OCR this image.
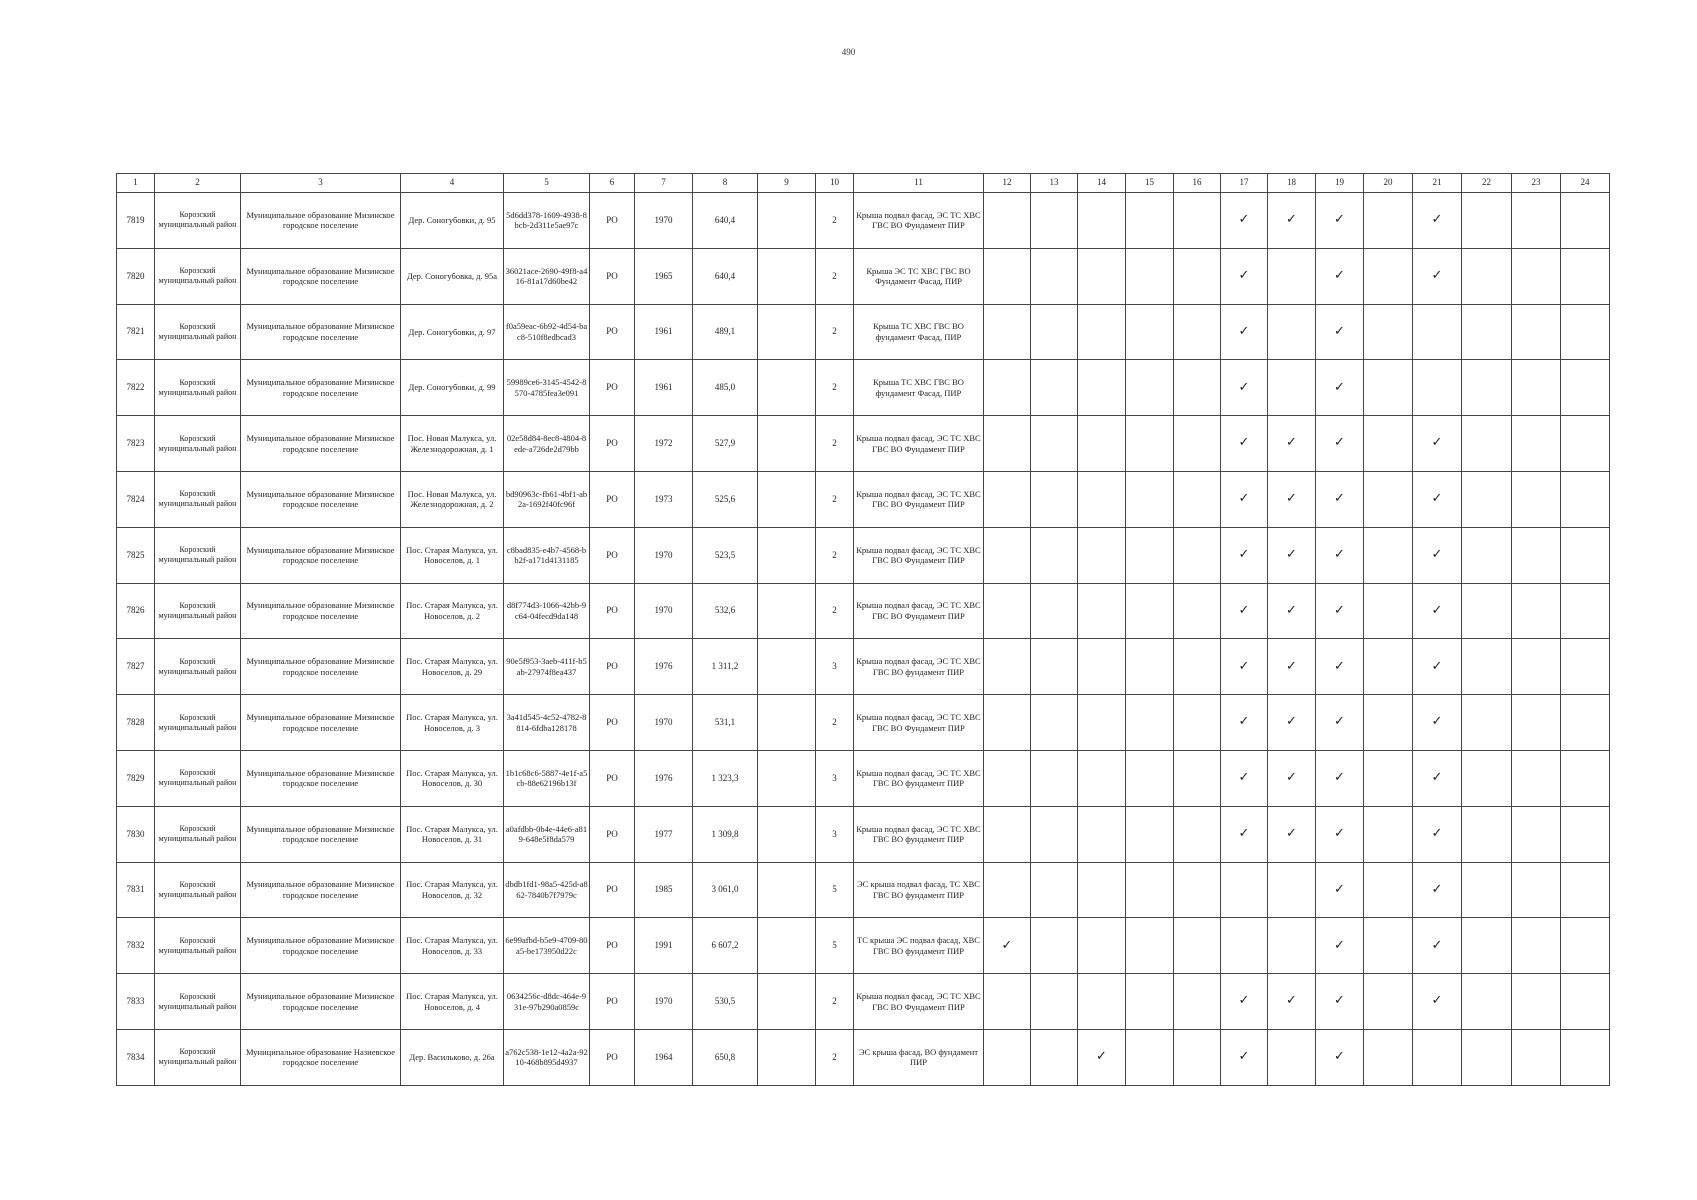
490
1	2	3	4	5	6	7	8	9	10	11	12	13	14	15	16	17	18	19	20	21	22	23	24
7819	Корозский муниципальный район	Муниципальное образование Мизинское городское поселение	Дер. Соногубовки, д. 95	5d6dd378-1609-4938-8bcb-2d311e5ae97c	РО	1970	640,4		2	Крыша подвал фасад, ЭС ТС ХВС ГВС ВО Фундамент ПИР						✓	✓	✓		✓			
7820	Корозский муниципальный район	Муниципальное образование Мизинское городское поселение	Дер. Соногубовка, д. 95а	36021ace-2690-49f8-a416-81a17d60be42	РО	1965	640,4		2	Крыша ЭС ТС ХВС ГВС ВО Фундамент Фасад, ПИР						✓		✓		✓			
7821	Корозский муниципальный район	Муниципальное образование Мизинское городское поселение	Дер. Соногубовки, д. 97	f0a59eac-6b92-4d54-bac8-510f8edbcad3	РО	1961	489,1		2	Крыша ТС ХВС ГВС ВО фундамент Фасад, ПИР						✓		✓					
7822	Корозский муниципальный район	Муниципальное образование Мизинское городское поселение	Дер. Соногубовки, д. 99	59989ce6-3145-4542-8570-4785fea3e091	РО	1961	485,0		2	Крыша ТС ХВС ГВС ВО фундамент Фасад, ПИР						✓		✓					
7823	Корозский муниципальный район	Муниципальное образование Мизинское городское поселение	Пос. Новая Малукса, ул. Железнодорожная, д. 1	02e58d84-8ec8-4804-8ede-a726de2d79bb	РО	1972	527,9		2	Крыша подвал фасад, ЭС ТС ХВС ГВС ВО Фундамент ПИР						✓	✓	✓		✓			
7824	Корозский муниципальный район	Муниципальное образование Мизинское городское поселение	Пос. Новая Малукса, ул. Железнодорожная, д. 2	bd90963c-fb61-4bf1-ab2a-1692f40fc96f	РО	1973	525,6		2	Крыша подвал фасад, ЭС ТС ХВС ГВС ВО Фундамент ПИР						✓	✓	✓		✓			
7825	Корозский муниципальный район	Муниципальное образование Мизинское городское поселение	Пос. Старая Малукса, ул. Новоселов, д. 1	c8bad835-e4b7-4568-bb2f-a171d4131185	РО	1970	523,5		2	Крыша подвал фасад, ЭС ТС ХВС ГВС ВО Фундамент ПИР						✓	✓	✓		✓			
7826	Корозский муниципальный район	Муниципальное образование Мизинское городское поселение	Пос. Старая Малукса, ул. Новоселов, д. 2	d8f774d3-1066-42bb-9c64-04fecd9da148	РО	1970	532,6		2	Крыша подвал фасад, ЭС ТС ХВС ГВС ВО Фундамент ПИР						✓	✓	✓		✓			
7827	Корозский муниципальный район	Муниципальное образование Мизинское городское поселение	Пос. Старая Малукса, ул. Новоселов, д. 29	90e5f953-3aeb-411f-b5ab-27974f8ea437	РО	1976	1 311,2		3	Крыша подвал фасад, ЭС ТС ХВС ГВС ВО фундамент ПИР						✓	✓	✓		✓			
7828	Корозский муниципальный район	Муниципальное образование Мизинское городское поселение	Пос. Старая Малукса, ул. Новоселов, д. 3	3a41d545-4c52-4782-8814-6fdba128178	РО	1970	531,1		2	Крыша подвал фасад, ЭС ТС ХВС ГВС ВО Фундамент ПИР						✓	✓	✓		✓			
7829	Корозский муниципальный район	Муниципальное образование Мизинское городское поселение	Пос. Старая Малукса, ул. Новоселов, д. 30	1b1c68c6-5887-4e1f-a5cb-88e62196b13f	РО	1976	1 323,3		3	Крыша подвал фасад, ЭС ТС ХВС ГВС ВО фундамент ПИР						✓	✓	✓		✓			
7830	Корозский муниципальный район	Муниципальное образование Мизинское городское поселение	Пос. Старая Малукса, ул. Новоселов, д. 31	a0afdbb-0b4e-44e6-a819-648e5f8da579	РО	1977	1 309,8		3	Крыша подвал фасад, ЭС ТС ХВС ГВС ВО фундамент ПИР						✓	✓	✓		✓			
7831	Корозский муниципальный район	Муниципальное образование Мизинское городское поселение	Пос. Старая Малукса, ул. Новоселов, д. 32	dbdb1fd1-98a5-425d-a862-7840b7f7979c	РО	1985	3 061,0		5	ЭС крыша подвал фасад, ТС ХВС ГВС ВО фундамент ПИР								✓		✓			
7832	Корозский муниципальный район	Муниципальное образование Мизинское городское поселение	Пос. Старая Малукса, ул. Новоселов, д. 33	6e99afbd-b5e9-4709-80a5-be173950d22c	РО	1991	6 607,2		5	ТС крыша ЭС подвал фасад, ХВС ГВС ВО фундамент ПИР	✓							✓		✓			
7833	Корозский муниципальный район	Муниципальное образование Мизинское городское поселение	Пос. Старая Малукса, ул. Новоселов, д. 4	0634256c-d8dc-464e-931e-97b290a0859c	РО	1970	530,5		2	Крыша подвал фасад, ЭС ТС ХВС ГВС ВО Фундамент ПИР						✓	✓	✓		✓			
7834	Корозский муниципальный район	Муниципальное образование Назиевское городское поселение	Дер. Васильково, д. 26а	a762c538-1e12-4a2a-9210-468b895d4937	РО	1964	650,8		2	ЭС крыша фасад, ВО фундамент ПИР			✓			✓		✓					
